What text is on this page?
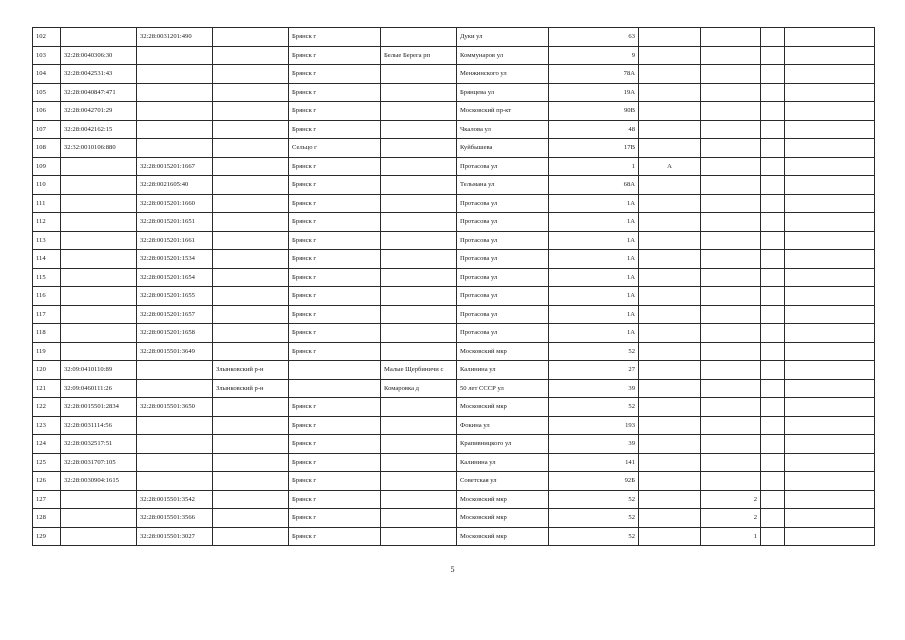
102		32:28:0031201:490		Брянск г		Дуки ул	63				
103	32:28:0040306:30			Брянск г	Белые Берега рп	Коммунаров ул	9				
104	32:28:0042531:43			Брянск г		Менжинского ул	78А				
105	32:28:0040847:471			Брянск г		Брянцева ул	19А				
106	32:28:0042701:29			Брянск г		Московский пр-кт	90В				
107	32:28:0042162:15			Брянск г		Чкалова ул	48				
108	32:32:0010106:880			Сельцо г		Куйбышева	17В				
109		32:28:0015201:1667		Брянск г		Протасова ул	1	А			
110		32:28:0021605:40		Брянск г		Тельмана ул	68А				
111		32:28:0015201:1660		Брянск г		Протасова ул	1А				
112		32:28:0015201:1651		Брянск г		Протасова ул	1А				
113		32:28:0015201:1661		Брянск г		Протасова ул	1А				
114		32:28:0015201:1534		Брянск г		Протасова ул	1А				
115		32:28:0015201:1654		Брянск г		Протасова ул	1А				
116		32:28:0015201:1655		Брянск г		Протасова ул	1А				
117		32:28:0015201:1657		Брянск г		Протасова ул	1А				
118		32:28:0015201:1658		Брянск г		Протасова ул	1А				
119		32:28:0015501:3649		Брянск г		Московский мкр	52				
120	32:09:0410110:89		Злынковский р-н		Малые Щербиничи с	Калинина ул	27				
121	32:09:0460111:26		Злынковский р-н		Комаровка д	50 лет СССР ул	39				
122	32:28:0015501:2834	32:28:0015501:3650		Брянск г		Московский мкр	52				
123	32:28:0031114:56			Брянск г		Фокина ул	193				
124	32:28:0032517:51			Брянск г		Крапивницкого ул	39				
125	32:28:0031707:105			Брянск г		Калинина ул	141				
126	32:28:0030904:1615			Брянск г		Советская ул	92Б				
127		32:28:0015501:3542		Брянск г		Московский мкр	52		2		
128		32:28:0015501:3566		Брянск г		Московский мкр	52		2		
129		32:28:0015501:3027		Брянск г		Московский мкр	52		1		
5
